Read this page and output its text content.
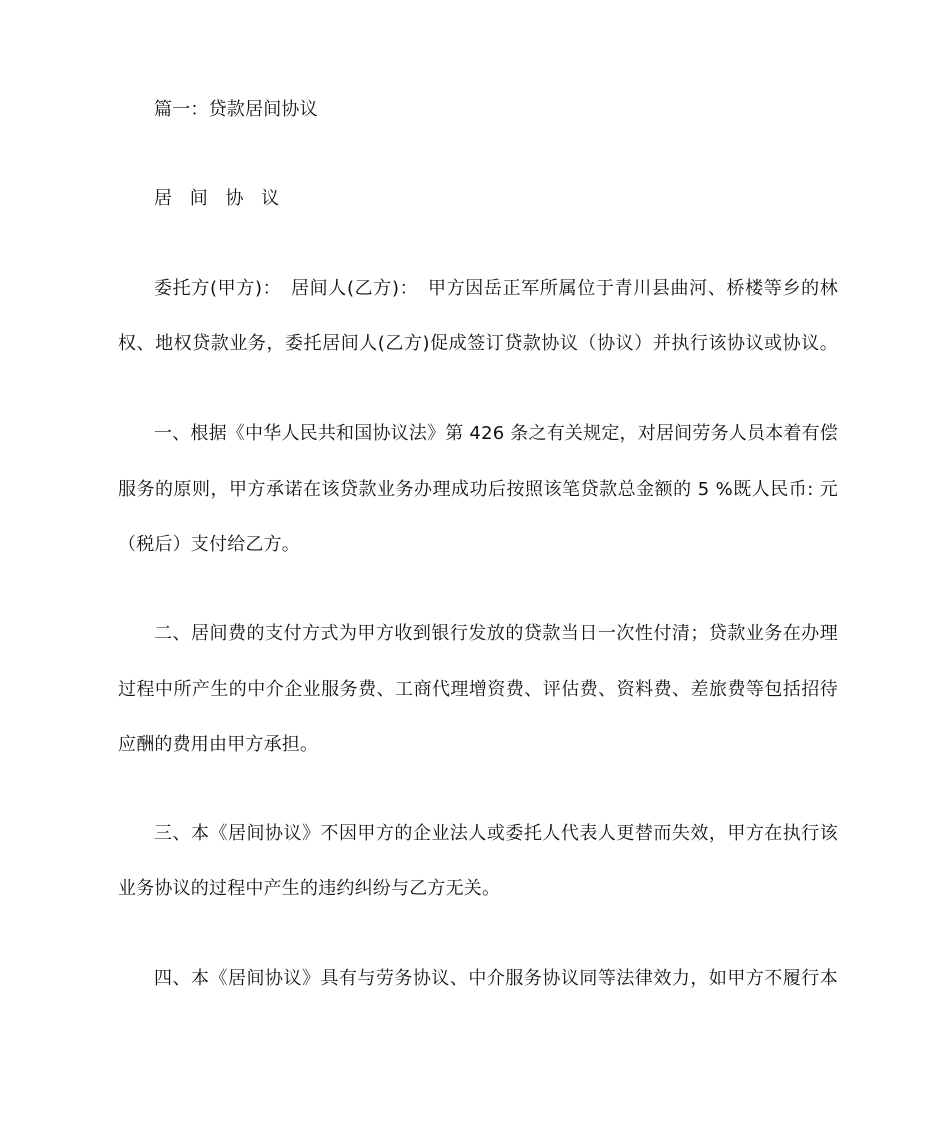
篇一：贷款居间协议
居 间 协 议
委托方(甲方)：　居间人(乙方)：　甲方因岳正军所属位于青川县曲河、桥楼等乡的林
权、地权贷款业务，委托居间人(乙方)促成签订贷款协议（协议）并执行该协议或协议。
一、根据《中华人民共和国协议法》第 426 条之有关规定，对居间劳务人员本着有偿
服务的原则，甲方承诺在该贷款业务办理成功后按照该笔贷款总金额的 5 %既人民币: 元
（税后）支付给乙方。
二、居间费的支付方式为甲方收到银行发放的贷款当日一次性付清；贷款业务在办理
过程中所产生的中介企业服务费、工商代理增资费、评估费、资料费、差旅费等包括招待
应酬的费用由甲方承担。
三、本《居间协议》不因甲方的企业法人或委托人代表人更替而失效，甲方在执行该
业务协议的过程中产生的违约纠纷与乙方无关。
四、本《居间协议》具有与劳务协议、中介服务协议同等法律效力，如甲方不履行本
